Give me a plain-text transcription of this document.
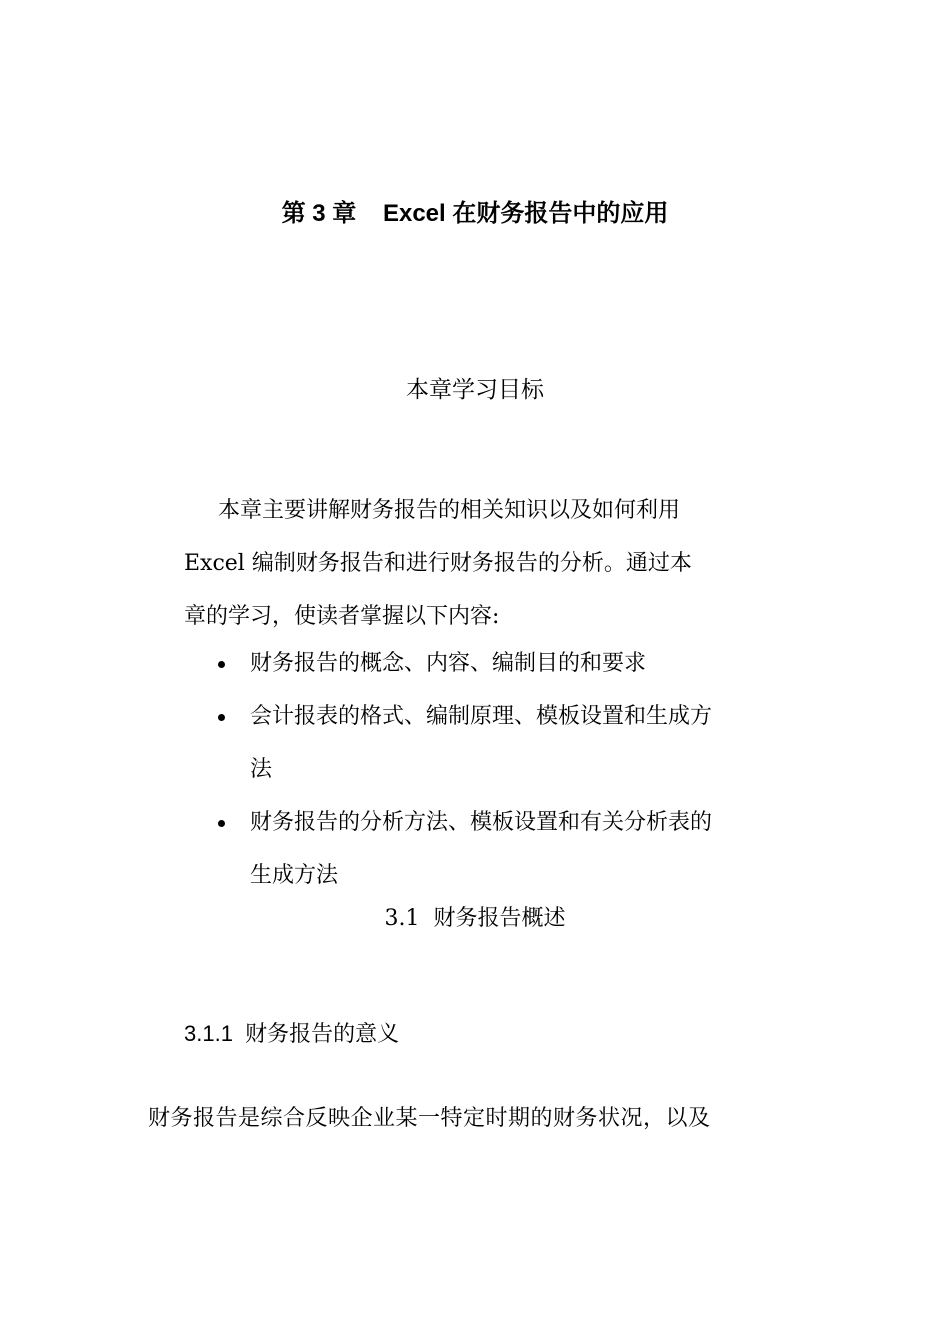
第 3 章    Excel 在财务报告中的应用
本章学习目标
本章主要讲解财务报告的相关知识以及如何利用
Excel 编制财务报告和进行财务报告的分析。通过本
章的学习，使读者掌握以下内容:
财务报告的概念、内容、编制目的和要求
会计报表的格式、编制原理、模板设置和生成方
法
财务报告的分析方法、模板设置和有关分析表的
生成方法
3.1  财务报告概述
3.1.1  财务报告的意义
财务报告是综合反映企业某一特定时期的财务状况，以及
